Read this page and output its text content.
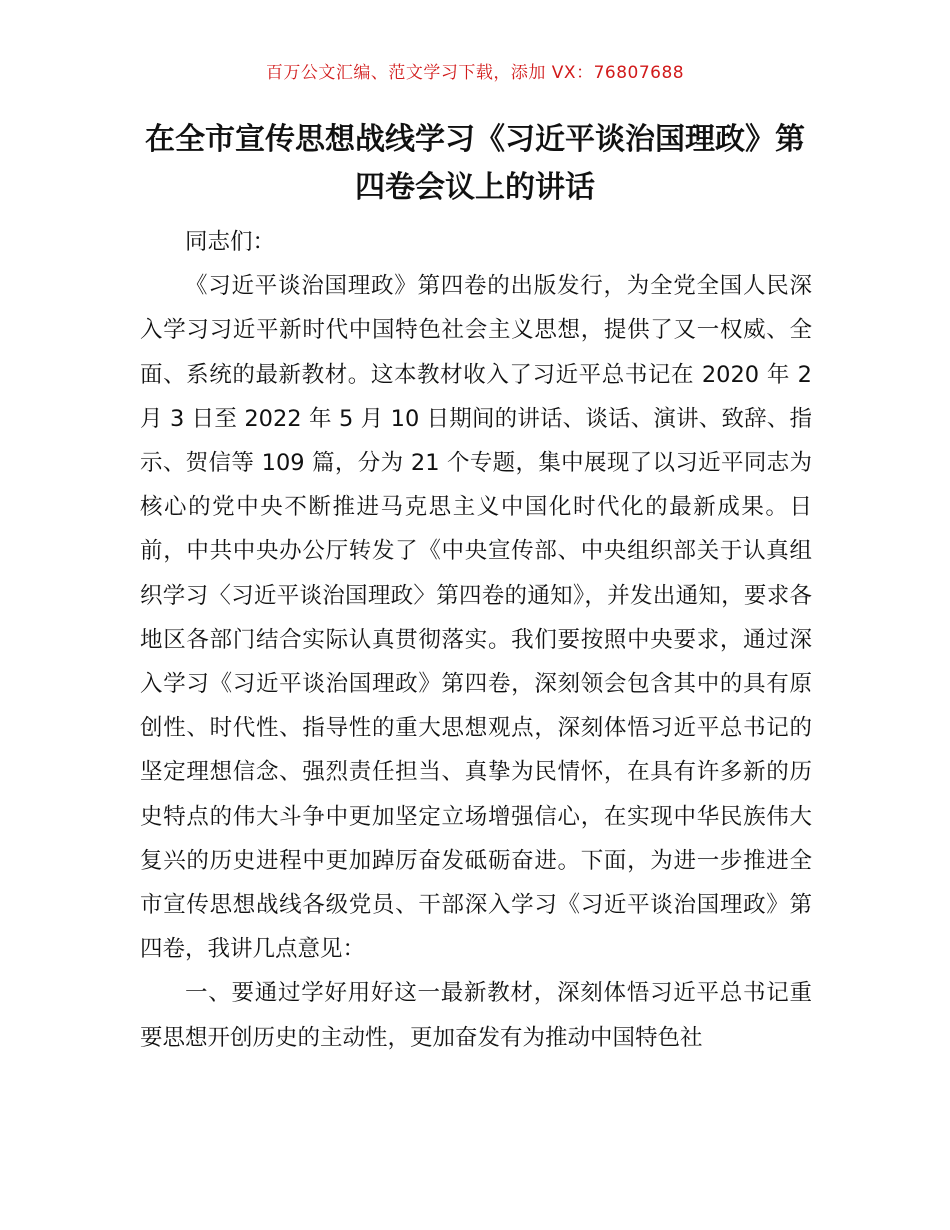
百万公文汇编、范文学习下载，添加 VX：76807688
在全市宣传思想战线学习《习近平谈治国理政》第四卷会议上的讲话

同志们：

《习近平谈治国理政》第四卷的出版发行，为全党全国人民深入学习习近平新时代中国特色社会主义思想，提供了又一权威、全面、系统的最新教材。这本教材收入了习近平总书记在 2020 年 2 月 3 日至 2022 年 5 月 10 日期间的讲话、谈话、演讲、致辞、指示、贺信等 109 篇，分为 21 个专题，集中展现了以习近平同志为核心的党中央不断推进马克思主义中国化时代化的最新成果。日前，中共中央办公厅转发了《中央宣传部、中央组织部关于认真组织学习〈习近平谈治国理政〉第四卷的通知》，并发出通知，要求各地区各部门结合实际认真贯彻落实。我们要按照中央要求，通过深入学习《习近平谈治国理政》第四卷，深刻领会包含其中的具有原创性、时代性、指导性的重大思想观点，深刻体悟习近平总书记的坚定理想信念、强烈责任担当、真挚为民情怀，在具有许多新的历史特点的伟大斗争中更加坚定立场增强信心，在实现中华民族伟大复兴的历史进程中更加踔厉奋发砥砺奋进。下面，为进一步推进全市宣传思想战线各级党员、干部深入学习《习近平谈治国理政》第四卷，我讲几点意见：

一、要通过学好用好这一最新教材，深刻体悟习近平总书记重要思想开创历史的主动性，更加奋发有为推动中国特色社
